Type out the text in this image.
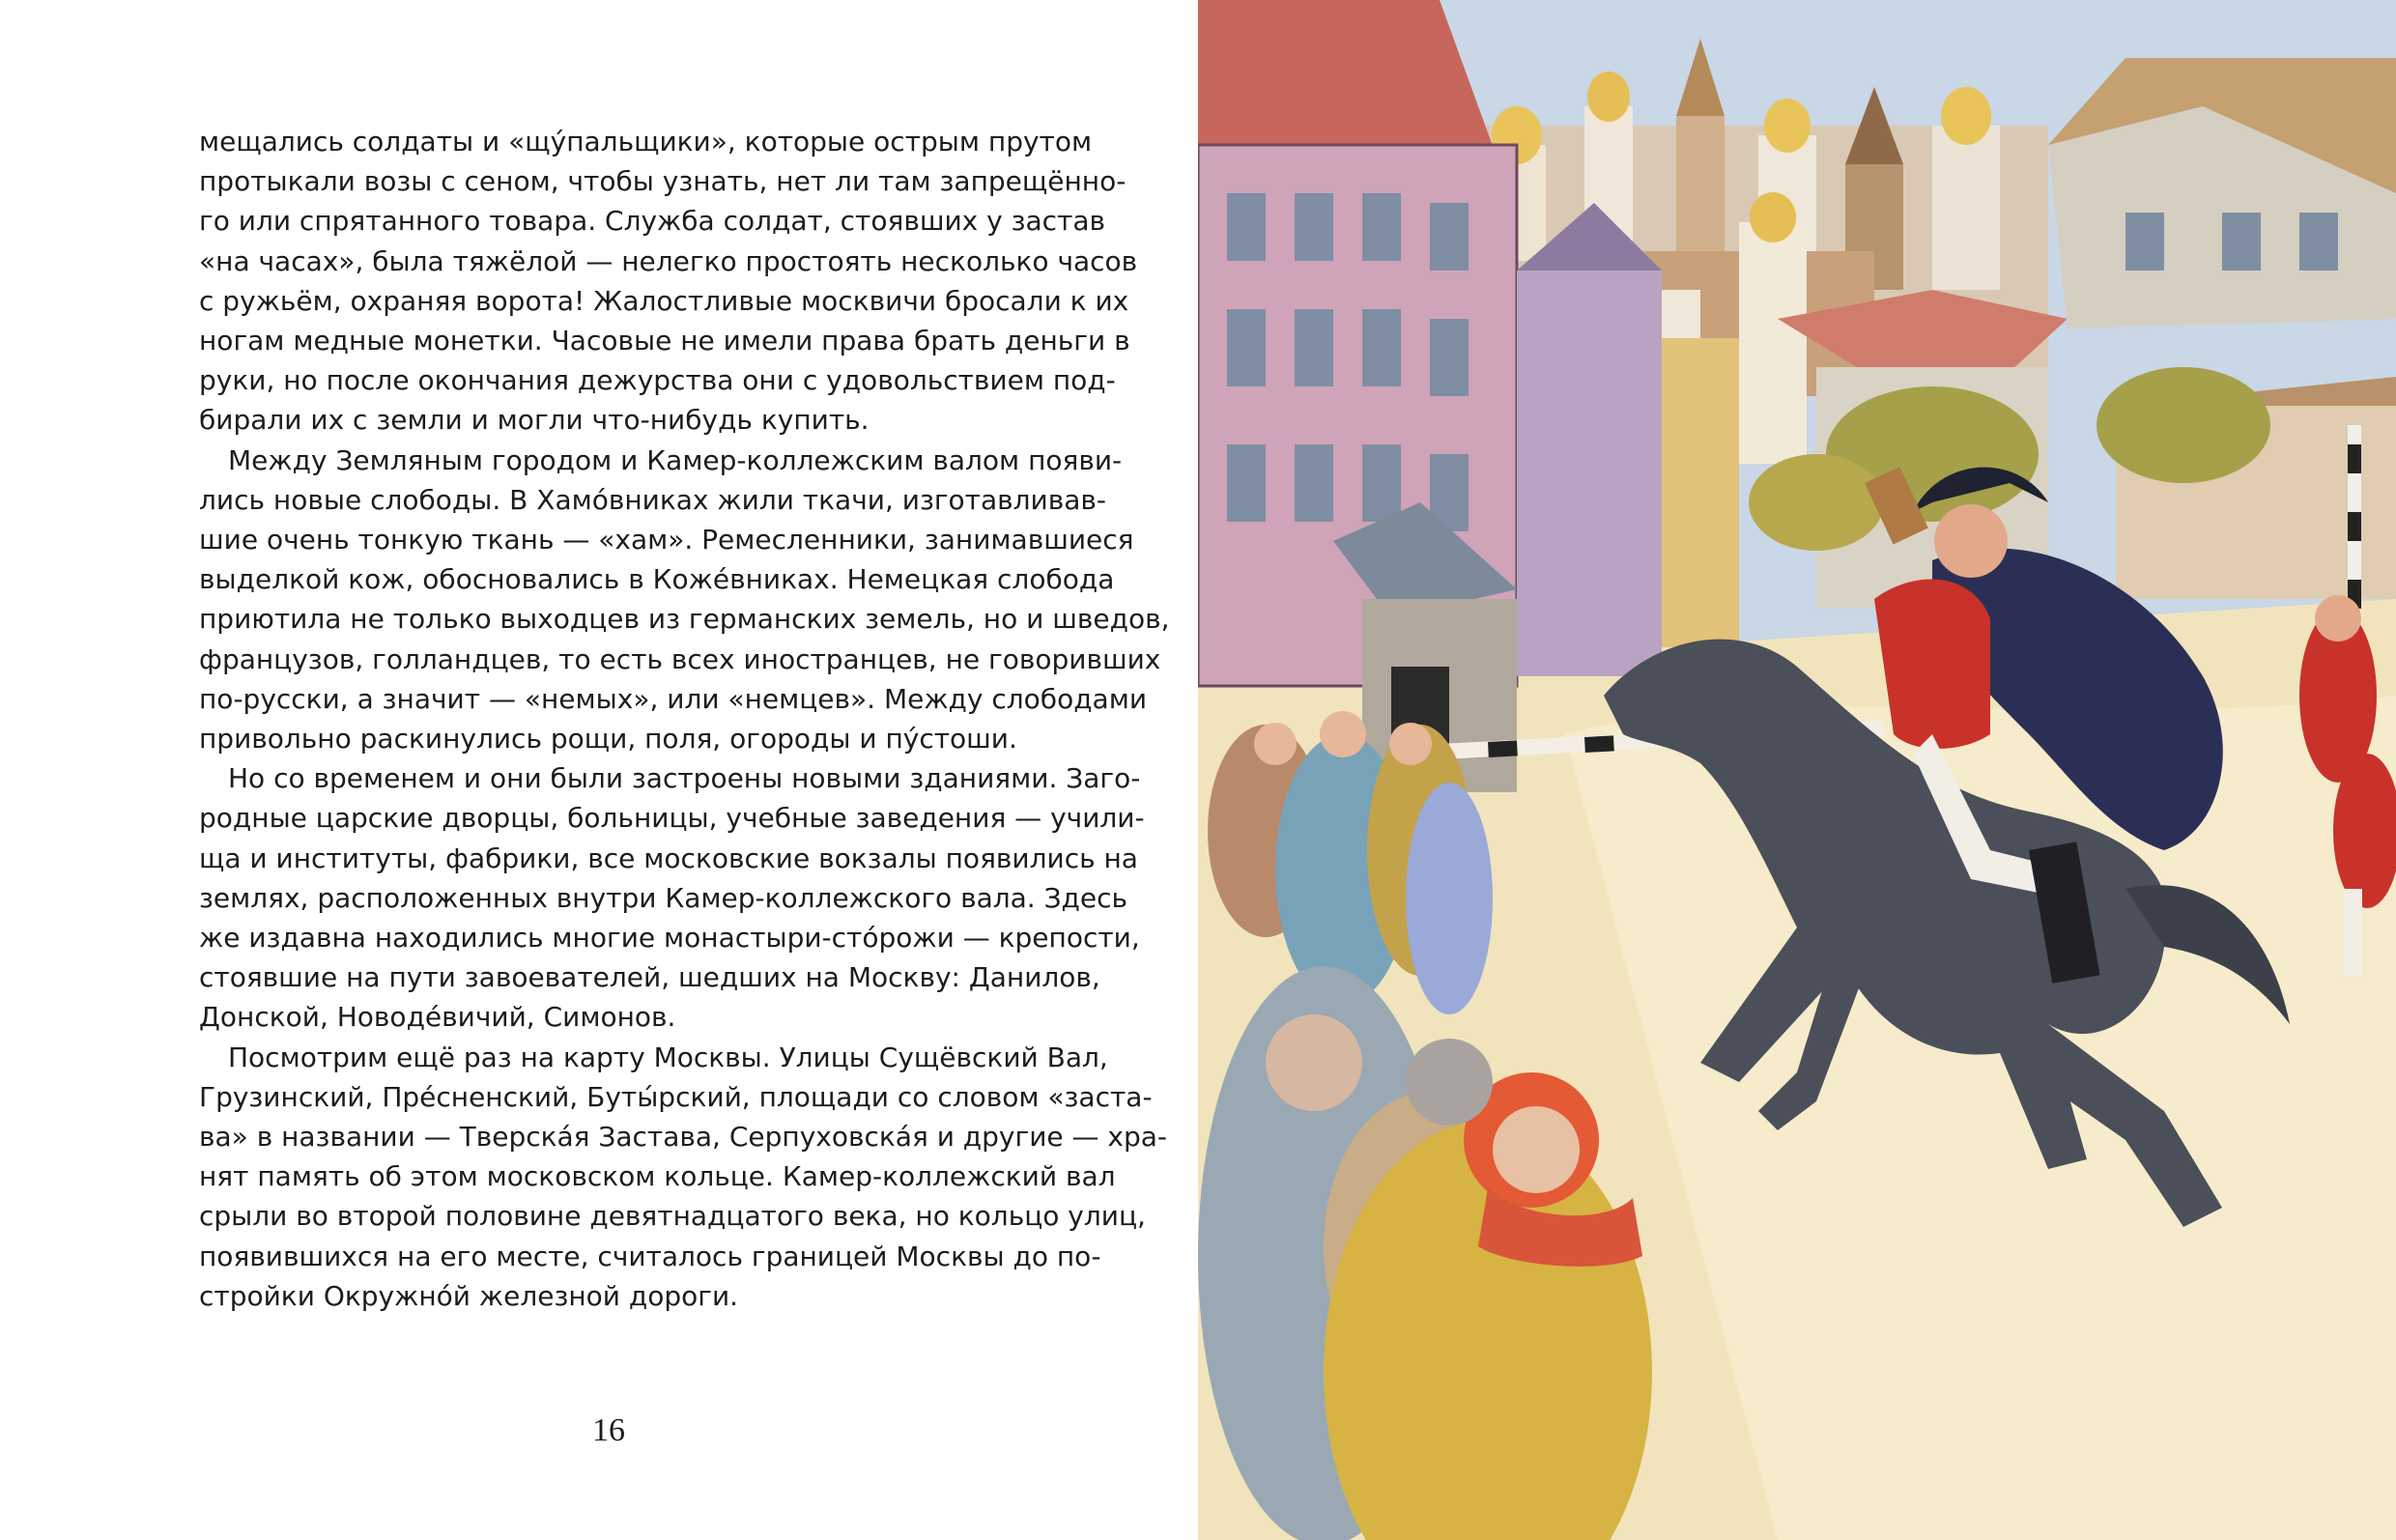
мещались солдаты и «щу́пальщики», которые острым прутом
протыкали возы с сеном, чтобы узнать, нет ли там запрещённо-
го или спрятанного товара. Служба солдат, стоявших у застав
«на часах», была тяжёлой — нелегко простоять несколько часов
с ружьём, охраняя ворота! Жалостливые москвичи бросали к их
ногам медные монетки. Часовые не имели права брать деньги в
руки, но после окончания дежурства они с удовольствием под-
бирали их с земли и могли что-нибудь купить.
Между Земляным городом и Камер-коллежским валом появи-
лись новые слободы. В Хамо́вниках жили ткачи, изготавливав-
шие очень тонкую ткань — «хам». Ремесленники, занимавшиеся
выделкой кож, обосновались в Коже́вниках. Немецкая слобода
приютила не только выходцев из германских земель, но и шведов,
французов, голландцев, то есть всех иностранцев, не говоривших
по-русски, а значит — «немых», или «немцев». Между слободами
привольно раскинулись рощи, поля, огороды и пу́стоши.
Но со временем и они были застроены новыми зданиями. Заго-
родные царские дворцы, больницы, учебные заведения — учили-
ща и институты, фабрики, все московские вокзалы появились на
землях, расположенных внутри Камер-коллежского вала. Здесь
же издавна находились многие монастыри-сто́рожи — крепости,
стоявшие на пути завоевателей, шедших на Москву: Данилов,
Донской, Новоде́вичий, Симонов.
Посмотрим ещё раз на карту Москвы. Улицы Сущёвский Вал,
Грузинский, Пре́сненский, Буты́рский, площади со словом «заста-
ва» в названии — Тверска́я Застава, Серпуховска́я и другие — хра-
нят память об этом московском кольце. Камер-коллежский вал
срыли во второй половине девятнадцатого века, но кольцо улиц,
появившихся на его месте, считалось границей Москвы до по-
стройки Окружно́й железной дороги.
16
